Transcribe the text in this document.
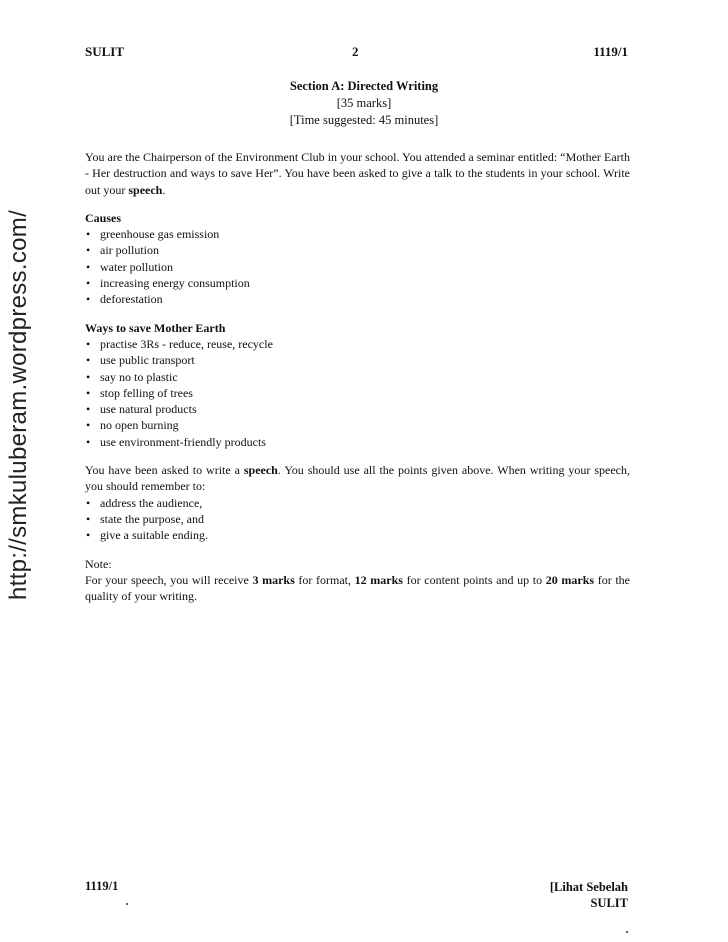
http://smkuluberam.wordpress.com/
SULIT	2	1119/1
Section A: Directed Writing
[35 marks]
[Time suggested: 45 minutes]

You are the Chairperson of the Environment Club in your school. You attended a seminar entitled: “Mother Earth - Her destruction and ways to save Her”. You have been asked to give a talk to the students in your school. Write out your speech.

Causes
• greenhouse gas emission
• air pollution
• water pollution
• increasing energy consumption
• deforestation
Ways to save Mother Earth
• practise 3Rs - reduce, reuse, recycle
• use public transport
• say no to plastic
• stop felling of trees
• use natural products
• no open burning
• use environment-friendly products

You have been asked to write a speech. You should use all the points given above. When writing your speech, you should remember to:

• address the audience,
• state the purpose, and
• give a suitable ending.
Note:

For your speech, you will receive 3 marks for format, 12 marks for content points and up to 20 marks for the quality of your writing.

1119/1	[Lihat Sebelah
SULIT
